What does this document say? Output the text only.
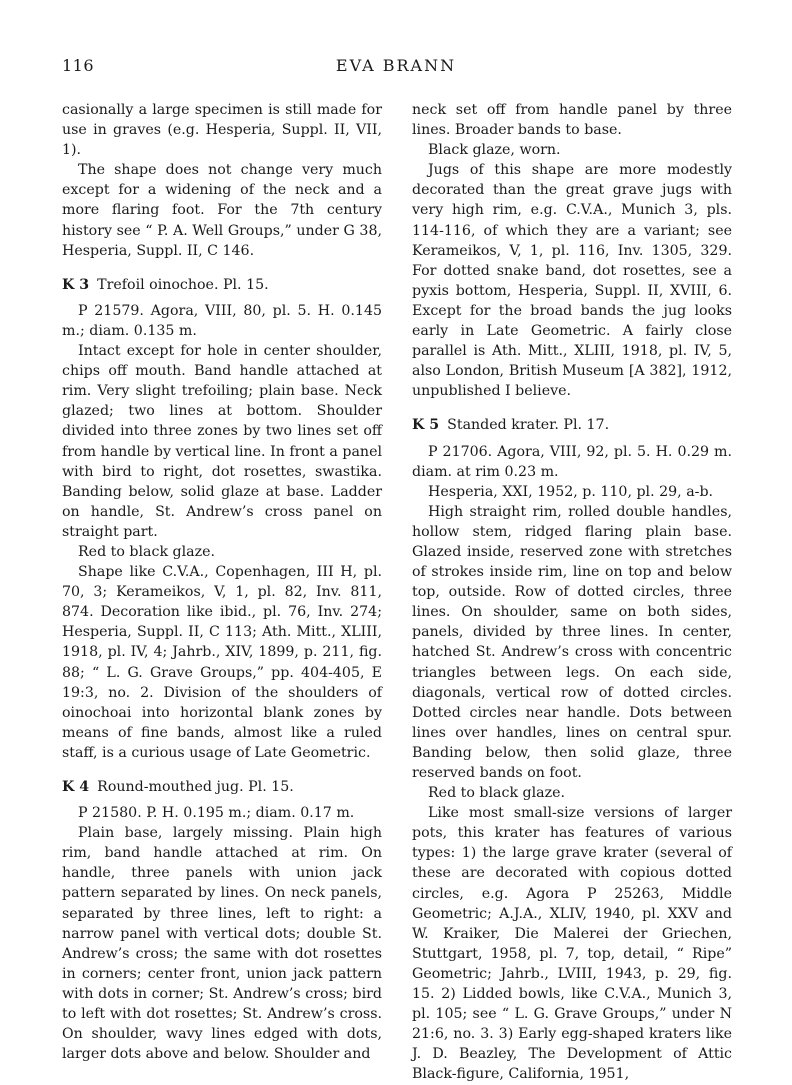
116	EVA BRANN

casionally a large specimen is still made for use in graves (e.g. Hesperia, Suppl. II, VII, 1).

The shape does not change very much except for a widening of the neck and a more flaring foot. For the 7th century history see “ P. A. Well Groups,” under G 38, Hesperia, Suppl. II, C 146.

K 3 Trefoil oinochoe. Pl. 15.

P 21579. Agora, VIII, 80, pl. 5. H. 0.145 m.; diam. 0.135 m.

Intact except for hole in center shoulder, chips off mouth. Band handle attached at rim. Very slight trefoiling; plain base. Neck glazed; two lines at bottom. Shoulder divided into three zones by two lines set off from handle by vertical line. In front a panel with bird to right, dot rosettes, swastika. Banding below, solid glaze at base. Ladder on handle, St. Andrew’s cross panel on straight part.

Red to black glaze.

Shape like C.V.A., Copenhagen, III H, pl. 70, 3; Kerameikos, V, 1, pl. 82, Inv. 811, 874. Decoration like ibid., pl. 76, Inv. 274; Hesperia, Suppl. II, C 113; Ath. Mitt., XLIII, 1918, pl. IV, 4; Jahrb., XIV, 1899, p. 211, fig. 88; “ L. G. Grave Groups,” pp. 404-405, E 19:3, no. 2. Division of the shoulders of oinochoai into horizontal blank zones by means of fine bands, almost like a ruled staff, is a curious usage of Late Geometric.

K 4 Round-mouthed jug. Pl. 15.

P 21580. P. H. 0.195 m.; diam. 0.17 m.

Plain base, largely missing. Plain high rim, band handle attached at rim. On handle, three panels with union jack pattern separated by lines. On neck panels, separated by three lines, left to right: a narrow panel with vertical dots; double St. Andrew’s cross; the same with dot rosettes in corners; center front, union jack pattern with dots in corner; St. Andrew’s cross; bird to left with dot rosettes; St. Andrew’s cross. On shoulder, wavy lines edged with dots, larger dots above and below. Shoulder and

neck set off from handle panel by three lines. Broader bands to base.

Black glaze, worn.

Jugs of this shape are more modestly decorated than the great grave jugs with very high rim, e.g. C.V.A., Munich 3, pls. 114-116, of which they are a variant; see Kerameikos, V, 1, pl. 116, Inv. 1305, 329. For dotted snake band, dot rosettes, see a pyxis bottom, Hesperia, Suppl. II, XVIII, 6. Except for the broad bands the jug looks early in Late Geometric. A fairly close parallel is Ath. Mitt., XLIII, 1918, pl. IV, 5, also London, British Museum [A 382], 1912, unpublished I believe.

K 5 Standed krater. Pl. 17.

P 21706. Agora, VIII, 92, pl. 5. H. 0.29 m. diam. at rim 0.23 m.

Hesperia, XXI, 1952, p. 110, pl. 29, a-b.

High straight rim, rolled double handles, hollow stem, ridged flaring plain base. Glazed inside, reserved zone with stretches of strokes inside rim, line on top and below top, outside. Row of dotted circles, three lines. On shoulder, same on both sides, panels, divided by three lines. In center, hatched St. Andrew’s cross with concentric triangles between legs. On each side, diagonals, vertical row of dotted circles. Dotted circles near handle. Dots between lines over handles, lines on central spur. Banding below, then solid glaze, three reserved bands on foot.

Red to black glaze.

Like most small-size versions of larger pots, this krater has features of various types: 1) the large grave krater (several of these are decorated with copious dotted circles, e.g. Agora P 25263, Middle Geometric; A.J.A., XLIV, 1940, pl. XXV and W. Kraiker, Die Malerei der Griechen, Stuttgart, 1958, pl. 7, top, detail, “ Ripe” Geometric; Jahrb., LVIII, 1943, p. 29, fig. 15. 2) Lidded bowls, like C.V.A., Munich 3, pl. 105; see “ L. G. Grave Groups,” under N 21:6, no. 3. 3) Early egg-shaped kraters like J. D. Beazley, The Development of Attic Black-figure, California, 1951,
